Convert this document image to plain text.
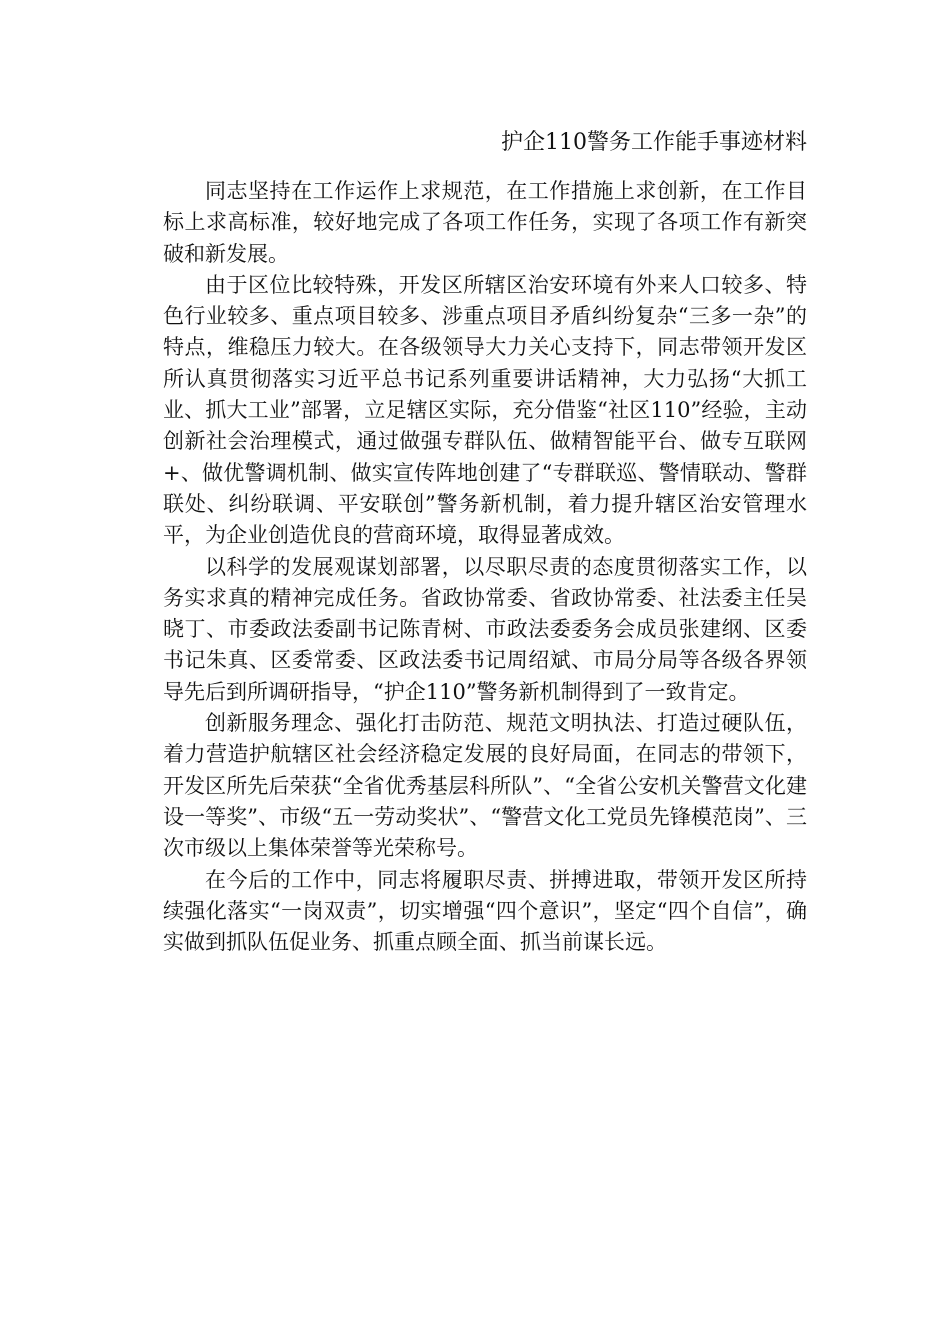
护企110警务工作能手事迹材料

同志坚持在工作运作上求规范，在工作措施上求创新，在工作目标上求高标准，较好地完成了各项工作任务，实现了各项工作有新突破和新发展。

由于区位比较特殊，开发区所辖区治安环境有外来人口较多、特色行业较多、重点项目较多、涉重点项目矛盾纠纷复杂“三多一杂”的特点，维稳压力较大。在各级领导大力关心支持下，同志带领开发区所认真贯彻落实习近平总书记系列重要讲话精神，大力弘扬“大抓工业、抓大工业”部署，立足辖区实际，充分借鉴“社区110”经验，主动创新社会治理模式，通过做强专群队伍、做精智能平台、做专互联网+、做优警调机制、做实宣传阵地创建了“专群联巡、警情联动、警群联处、纠纷联调、平安联创”警务新机制，着力提升辖区治安管理水平，为企业创造优良的营商环境，取得显著成效。

以科学的发展观谋划部署，以尽职尽责的态度贯彻落实工作，以务实求真的精神完成任务。省政协常委、省政协常委、社法委主任吴晓丁、市委政法委副书记陈青树、市政法委委务会成员张建纲、区委书记朱真、区委常委、区政法委书记周绍斌、市局分局等各级各界领导先后到所调研指导，“护企110”警务新机制得到了一致肯定。

创新服务理念、强化打击防范、规范文明执法、打造过硬队伍，着力营造护航辖区社会经济稳定发展的良好局面，在同志的带领下，开发区所先后荣获“全省优秀基层科所队”、“全省公安机关警营文化建设一等奖”、市级“五一劳动奖状”、“警营文化工党员先锋模范岗”、三次市级以上集体荣誉等光荣称号。

在今后的工作中，同志将履职尽责、拼搏进取，带领开发区所持续强化落实“一岗双责”，切实增强“四个意识”，坚定“四个自信”，确实做到抓队伍促业务、抓重点顾全面、抓当前谋长远。
